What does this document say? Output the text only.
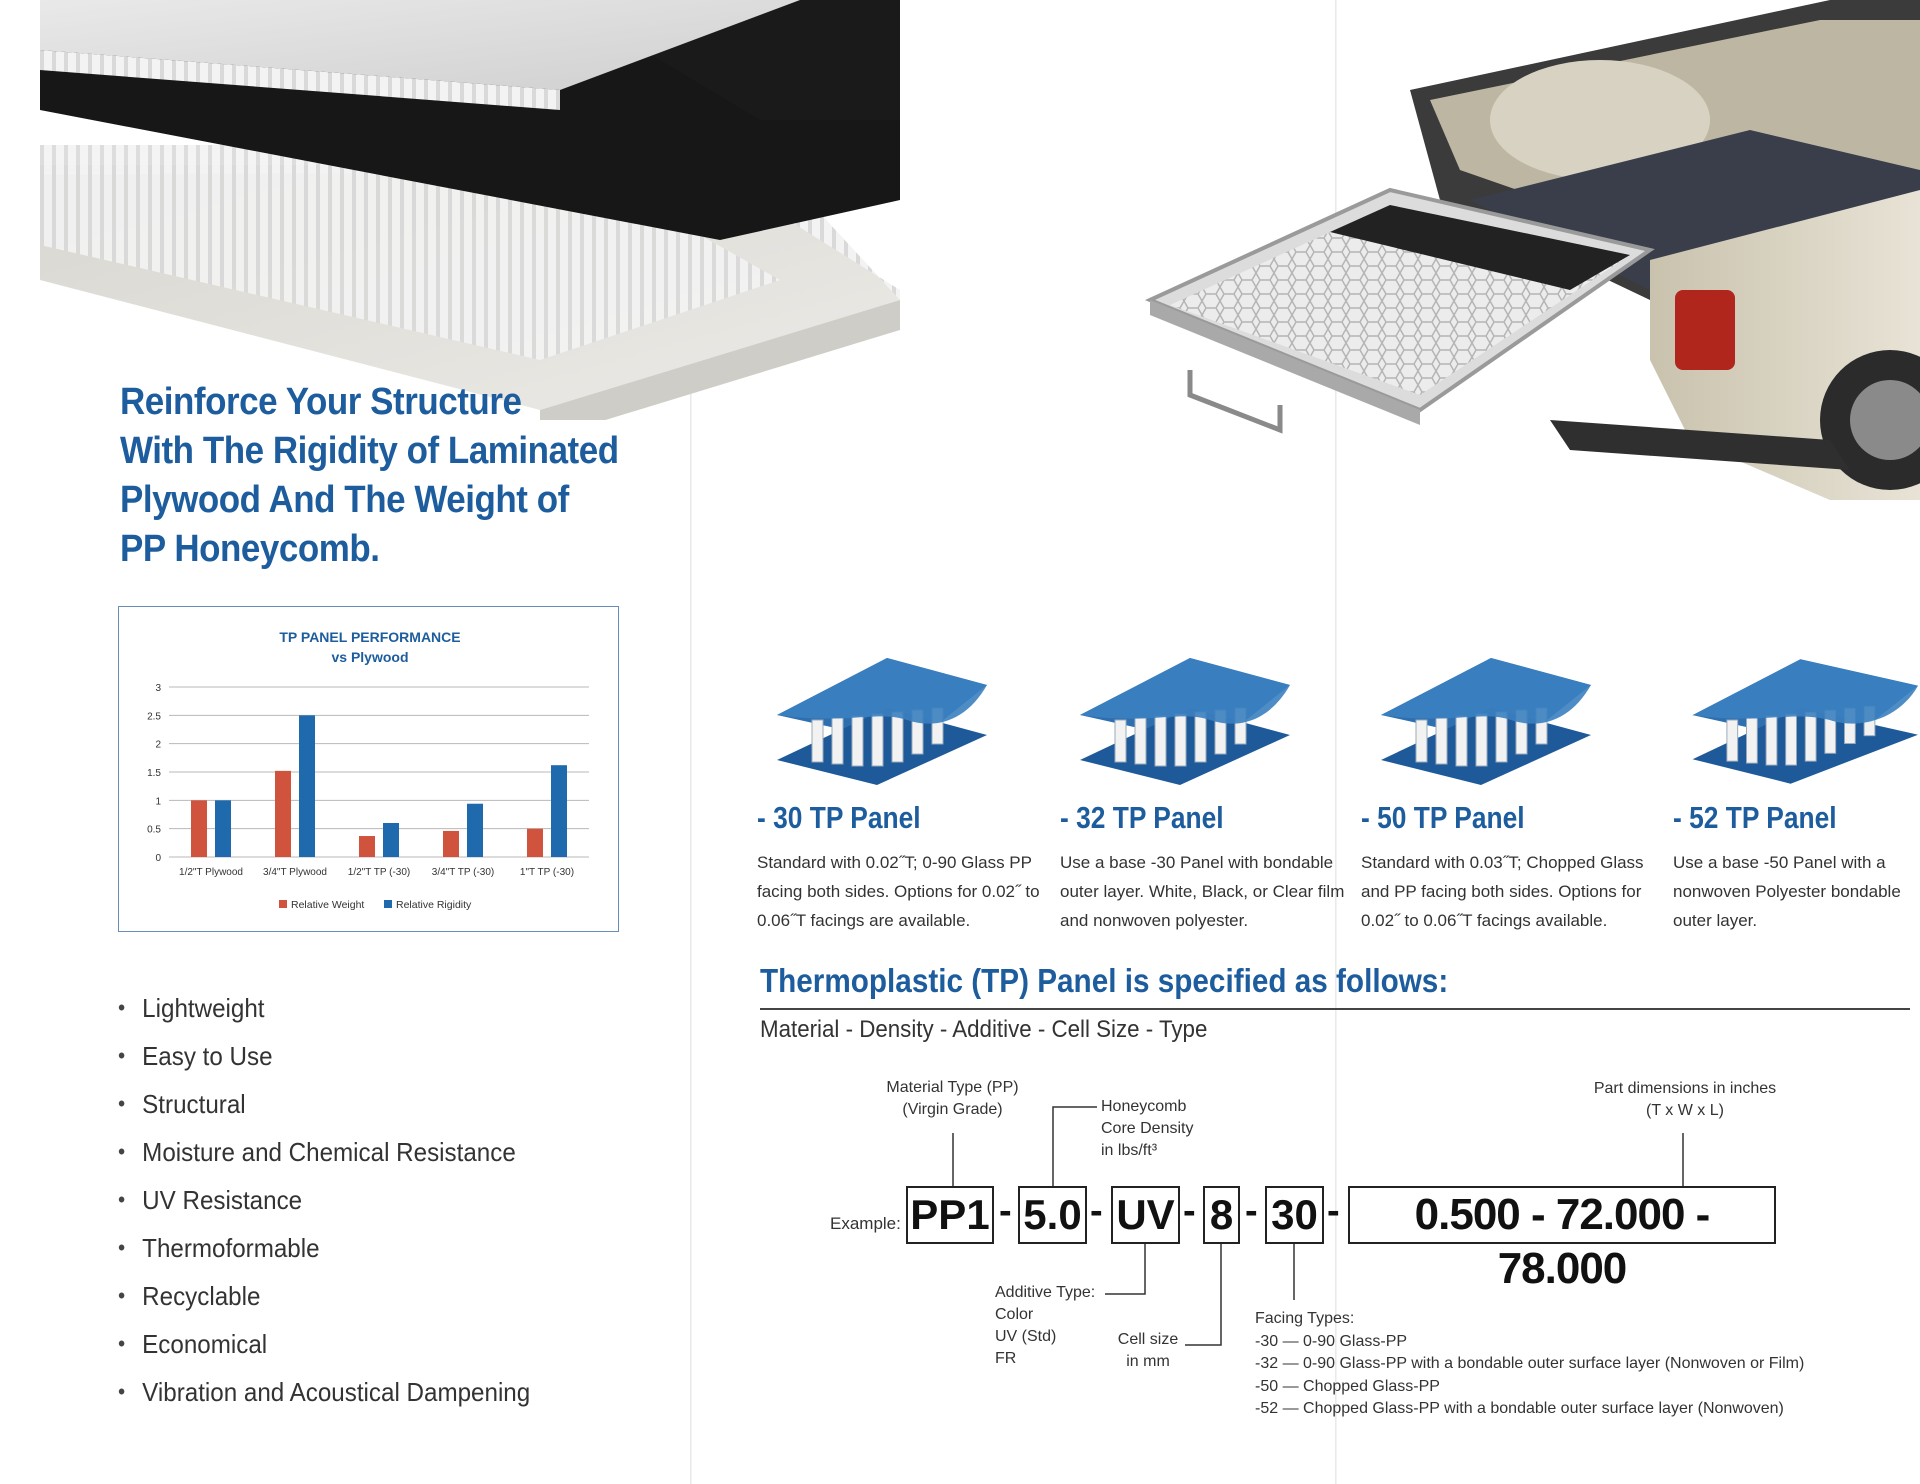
Reinforce Your Structure
With The Rigidity of Laminated
Plywood And The Weight of
PP Honeycomb.
TP PANEL PERFORMANCE
vs Plywood
0
0.5
1
1.5
2
2.5
3
1/2"T Plywood 3/4"T Plywood 1/2"T TP (-30) 3/4"T TP (-30)	1"T TP (-30)
Relative Weight	Relative Rigidity
• Lightweight
• Easy to Use
• Structural
• Moisture and Chemical Resistance
• UV Resistance
• Thermoformable
• Recyclable
• Economical
• Vibration and Acoustical Dampening
- 30 TP Panel
Standard with 0.02˝T; 0-90 Glass PP facing both sides. Options for 0.02˝ to 0.06˝T facings are available.
- 32 TP Panel
Use a base -30 Panel with bondable outer layer. White, Black, or Clear film and nonwoven polyester.
- 50 TP Panel
Standard with 0.03˝T; Chopped Glass and PP facing both sides. Options for 0.02˝ to 0.06˝T facings available.
- 52 TP Panel
Use a base -50 Panel with a nonwoven Polyester bondable outer layer.
Thermoplastic (TP) Panel is specified as follows:
Material - Density - Additive - Cell Size - Type
Material Type (PP)
(Virgin Grade)	Honeycomb
Core Density
in lbs/ft³
Part dimensions in inches
(T x W x L)
Example: PP1 - 5.0 - UV - 8 - 30 -	0.500 - 72.000 - 78.000
Additive Type:
Color
UV (Std)
FR
Cell size
in mm
Facing Types:
-30 — 0-90 Glass-PP
-32 — 0-90 Glass-PP with a bondable outer surface layer (Nonwoven or Film)
-50 — Chopped Glass-PP
-52 — Chopped Glass-PP with a bondable outer surface layer (Nonwoven)
